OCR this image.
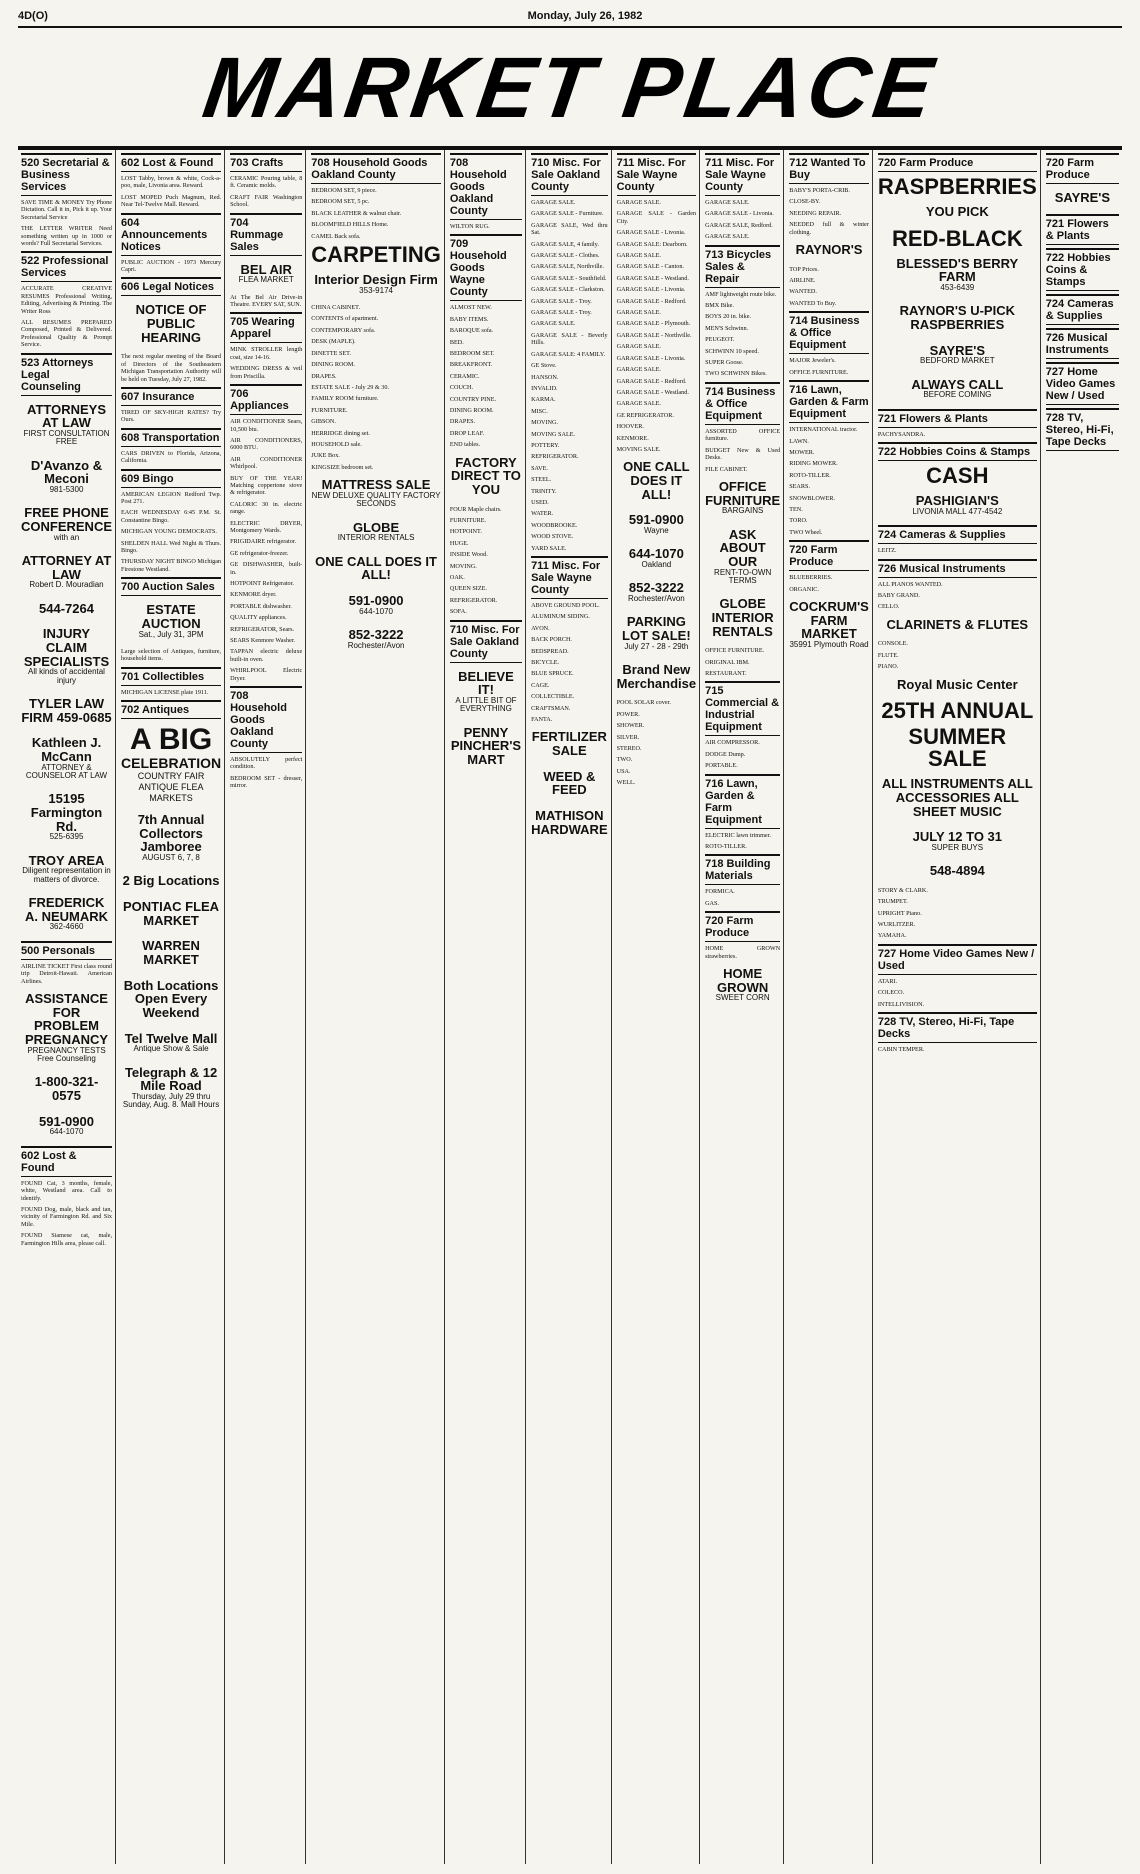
4D(O)	Monday, July 26, 1982
MARKET PLACE
520 Secretarial & Business Services
SAVE TIME & MONEY Try Phone Dictation. Call it in, Pick it up. Your Secretarial Service
THE LETTER WRITER Need something written up in 1000 or words? Full Secretarial Services.
522 Professional Services
ACCURATE CREATIVE RESUMES Professional Writing, Editing, Advertising & Printing. The Writer Ross
ALL RESUMES PREPARED Composed, Printed & Delivered. Professional Quality & Prompt Service.
523 Attorneys Legal Counseling
ATTORNEYS AT LAW
FIRST CONSULTATION FREE
D'Avanzo & Meconi
981-5300
FREE PHONE CONFERENCE
with an
ATTORNEY AT LAW
Robert D. Mouradian
544-7264
INJURY CLAIM SPECIALISTS
All kinds of accidental injury
TYLER LAW FIRM 459-0685
Kathleen J. McCann
ATTORNEY & COUNSELOR AT LAW
15195 Farmington Rd.
525-6395
TROY AREA
Diligent representation in matters of divorce.
FREDERICK A. NEUMARK
362-4660
500 Personals
AIRLINE TICKET First class round trip Detroit-Hawaii. American Airlines.
ASSISTANCE FOR PROBLEM PREGNANCY
PREGNANCY TESTS Free Counseling
1-800-321-0575
591-0900
644-1070
602 Lost & Found
FOUND Cat, 3 months, female, white, Westland area. Call to identify.
FOUND Dog, male, black and tan, vicinity of Farmington Rd. and Six Mile.
FOUND Siamese cat, male, Farmington Hills area, please call.
602 Lost & Found
LOST Tabby, brown & white, Cock-a-poo, male, Livonia area. Reward.
LOST MOPED Puch Magnum, Red. Near Tel-Twelve Mall. Reward.
604 Announcements Notices
PUBLIC AUCTION - 1973 Mercury Capri.
606 Legal Notices
NOTICE OF PUBLIC HEARING
The next regular meeting of the Board of Directors of the Southeastern Michigan Transportation Authority will be held on Tuesday, July 27, 1982.
607 Insurance
TIRED OF SKY-HIGH RATES? Try Ours.
608 Transportation
CARS DRIVEN to Florida, Arizona, California.
609 Bingo
AMERICAN LEGION Redford Twp. Post 271.
EACH WEDNESDAY 6:45 P.M. St. Constantine Bingo.
MICHIGAN YOUNG DEMOCRATS.
SHELDEN HALL Wed Night & Thurs. Bingo.
THURSDAY NIGHT BINGO Michigan Firestone Westland.
700 Auction Sales
ESTATE AUCTION
Sat., July 31, 3PM
Large selection of Antiques, furniture, household items.
701 Collectibles
MICHIGAN LICENSE plate 1911.
702 Antiques
A BIG
CELEBRATION
COUNTRY FAIR ANTIQUE FLEA MARKETS
7th Annual Collectors Jamboree
AUGUST 6, 7, 8
2 Big Locations
PONTIAC FLEA MARKET
WARREN MARKET
Both Locations Open Every Weekend
Tel Twelve Mall
Antique Show & Sale
Telegraph & 12 Mile Road
Thursday, July 29 thru Sunday, Aug. 8. Mall Hours
703 Crafts
CERAMIC Pouring table, 8 ft. Ceramic molds.
CRAFT FAIR Washington School.
704 Rummage Sales
BEL AIR
FLEA MARKET
At The Bel Air Drive-in Theatre. EVERY SAT, SUN.
705 Wearing Apparel
MINK STROLLER length coat, size 14-16.
WEDDING DRESS & veil from Priscilla.
706 Appliances
AIR CONDITIONER Sears, 10,500 btu.
AIR CONDITIONERS, 6000 BTU.
AIR CONDITIONER Whirlpool.
BUY OF THE YEAR! Matching coppertone stove & refrigerator.
CALORIC 30 in. electric range.
ELECTRIC DRYER, Montgomery Wards.
FRIGIDAIRE refrigerator.
GE refrigerator-freezer.
GE DISHWASHER, built-in.
HOTPOINT Refrigerator.
KENMORE dryer.
PORTABLE dishwasher.
QUALITY appliances.
REFRIGERATOR, Sears.
SEARS Kenmore Washer.
TAPPAN electric deluxe built-in oven.
WHIRLPOOL Electric Dryer.
708 Household Goods Oakland County
ABSOLUTELY perfect condition.
BEDROOM SET - dresser, mirror.
708 Household Goods Oakland County
BEDROOM SET, 9 piece.
BEDROOM SET, 5 pc.
BLACK LEATHER & walnut chair.
BLOOMFIELD HILLS Home.
CAMEL Back sofa.
CARPETING
Interior Design Firm
353-9174
CHINA CABINET.
CONTENTS of apartment.
CONTEMPORARY sofa.
DESK (MAPLE).
DINETTE SET.
DINING ROOM.
DRAPES.
ESTATE SALE - July 29 & 30.
FAMILY ROOM furniture.
FURNITURE.
GIBSON.
HERRIDGE dining set.
HOUSEHOLD sale.
JUKE Box.
KINGSIZE bedroom set.
MATTRESS SALE
NEW DELUXE QUALITY FACTORY SECONDS
GLOBE
INTERIOR RENTALS
ONE CALL DOES IT ALL!
591-0900
644-1070
852-3222
Rochester/Avon
708 Household Goods Oakland County
WILTON RUG.
709 Household Goods Wayne County
ALMOST NEW.
BABY ITEMS.
BAROQUE sofa.
BED.
BEDROOM SET.
BREAKFRONT.
CERAMIC.
COUCH.
COUNTRY PINE.
DINING ROOM.
DRAPES.
DROP LEAF.
END tables.
FACTORY DIRECT TO YOU
FOUR Maple chairs.
FURNITURE.
HOTPOINT.
HUGE.
INSIDE Wood.
MOVING.
OAK.
QUEEN SIZE.
REFRIGERATOR.
SOFA.
710 Misc. For Sale Oakland County
BELIEVE IT!
A LITTLE BIT OF EVERYTHING
PENNY PINCHER'S MART
710 Misc. For Sale Oakland County
GARAGE SALE.
GARAGE SALE - Furniture.
GARAGE SALE, Wed thru Sat.
GARAGE SALE, 4 family.
GARAGE SALE - Clothes.
GARAGE SALE, Northville.
GARAGE SALE - Southfield.
GARAGE SALE - Clarkston.
GARAGE SALE - Troy.
GARAGE SALE - Troy.
GARAGE SALE.
GARAGE SALE - Beverly Hills.
GARAGE SALE: 4 FAMILY.
GE Stove.
HANSON.
INVALID.
KARMA.
MISC.
MOVING.
MOVING SALE.
POTTERY.
REFRIGERATOR.
SAVE.
STEEL.
TRINITY.
USED.
WATER.
WOODBROOKE.
WOOD STOVE.
YARD SALE.
711 Misc. For Sale Wayne County
ABOVE GROUND POOL.
ALUMINUM SIDING.
AVON.
BACK PORCH.
BEDSPREAD.
BICYCLE.
BLUE SPRUCE.
CAGE.
COLLECTIBLE.
CRAFTSMAN.
FANTA.
FERTILIZER SALE
WEED & FEED
MATHISON HARDWARE
711 Misc. For Sale Wayne County
GARAGE SALE.
GARAGE SALE - Garden City.
GARAGE SALE - Livonia.
GARAGE SALE: Dearborn.
GARAGE SALE.
GARAGE SALE - Canton.
GARAGE SALE - Westland.
GARAGE SALE - Livonia.
GARAGE SALE - Redford.
GARAGE SALE.
GARAGE SALE - Plymouth.
GARAGE SALE - Northville.
GARAGE SALE.
GARAGE SALE - Livonia.
GARAGE SALE.
GARAGE SALE - Redford.
GARAGE SALE - Westland.
GARAGE SALE.
GE REFRIGERATOR.
HOOVER.
KENMORE.
MOVING SALE.
ONE CALL DOES IT ALL!
591-0900
Wayne
644-1070
Oakland
852-3222
Rochester/Avon
PARKING LOT SALE!
July 27 - 28 - 29th
Brand New Merchandise
POOL SOLAR cover.
POWER.
SHOWER.
SILVER.
STEREO.
TWO.
USA.
WELL.
711 Misc. For Sale Wayne County
GARAGE SALE.
GARAGE SALE - Livonia.
GARAGE SALE, Redford.
GARAGE SALE.
713 Bicycles Sales & Repair
AMF lightweight route bike.
BMX Bike.
BOYS 20 in. bike.
MEN'S Schwinn.
PEUGEOT.
SCHWINN 10 speed.
SUPER Goose.
TWO SCHWINN Bikes.
714 Business & Office Equipment
ASSORTED OFFICE furniture.
BUDGET New & Used Desks.
FILE CABINET.
OFFICE FURNITURE
BARGAINS
ASK ABOUT OUR
RENT-TO-OWN TERMS
GLOBE INTERIOR RENTALS
OFFICE FURNITURE.
ORIGINAL IBM.
RESTAURANT.
715 Commercial & Industrial Equipment
AIR COMPRESSOR.
DODGE Dump.
PORTABLE.
716 Lawn, Garden & Farm Equipment
ELECTRIC lawn trimmer.
ROTO-TILLER.
718 Building Materials
FORMICA.
GAS.
720 Farm Produce
HOME GROWN strawberries.
HOME GROWN
SWEET CORN
712 Wanted To Buy
BABY'S PORTA-CRIB.
CLOSE-BY.
NEEDING REPAIR.
NEEDED full & winter clothing.
RAYNOR'S
TOP Prices.
AIRLINE.
WANTED.
WANTED To Buy.
714 Business & Office Equipment
MAJOR Jeweler's.
OFFICE FURNITURE.
716 Lawn, Garden & Farm Equipment
INTERNATIONAL tractor.
LAWN.
MOWER.
RIDING MOWER.
ROTO-TILLER.
SEARS.
SNOWBLOWER.
TEN.
TORO.
TWO Wheel.
720 Farm Produce
BLUEBERRIES.
ORGANIC.
COCKRUM'S FARM MARKET
35991 Plymouth Road
720 Farm Produce
RASPBERRIES
YOU PICK
RED-BLACK
BLESSED'S BERRY FARM
453-6439
RAYNOR'S U-PICK RASPBERRIES
SAYRE'S
BEDFORD MARKET
ALWAYS CALL
BEFORE COMING
721 Flowers & Plants
PACHYSANDRA.
722 Hobbies Coins & Stamps
CASH
PASHIGIAN'S
LIVONIA MALL 477-4542
724 Cameras & Supplies
LEITZ.
726 Musical Instruments
ALL PIANOS WANTED.
BABY GRAND.
CELLO.
CLARINETS & FLUTES
CONSOLE.
FLUTE.
PIANO.
Royal Music Center
25TH ANNUAL
SUMMER SALE
ALL INSTRUMENTS ALL ACCESSORIES ALL SHEET MUSIC
JULY 12 TO 31
SUPER BUYS
548-4894
STORY & CLARK.
TRUMPET.
UPRIGHT Piano.
WURLITZER.
YAMAHA.
727 Home Video Games New / Used
ATARI.
COLECO.
INTELLIVISION.
728 TV, Stereo, Hi-Fi, Tape Decks
CABIN TEMPER.
720 Farm Produce
SAYRE'S
721 Flowers & Plants
722 Hobbies Coins & Stamps
724 Cameras & Supplies
726 Musical Instruments
727 Home Video Games New / Used
728 TV, Stereo, Hi-Fi, Tape Decks
